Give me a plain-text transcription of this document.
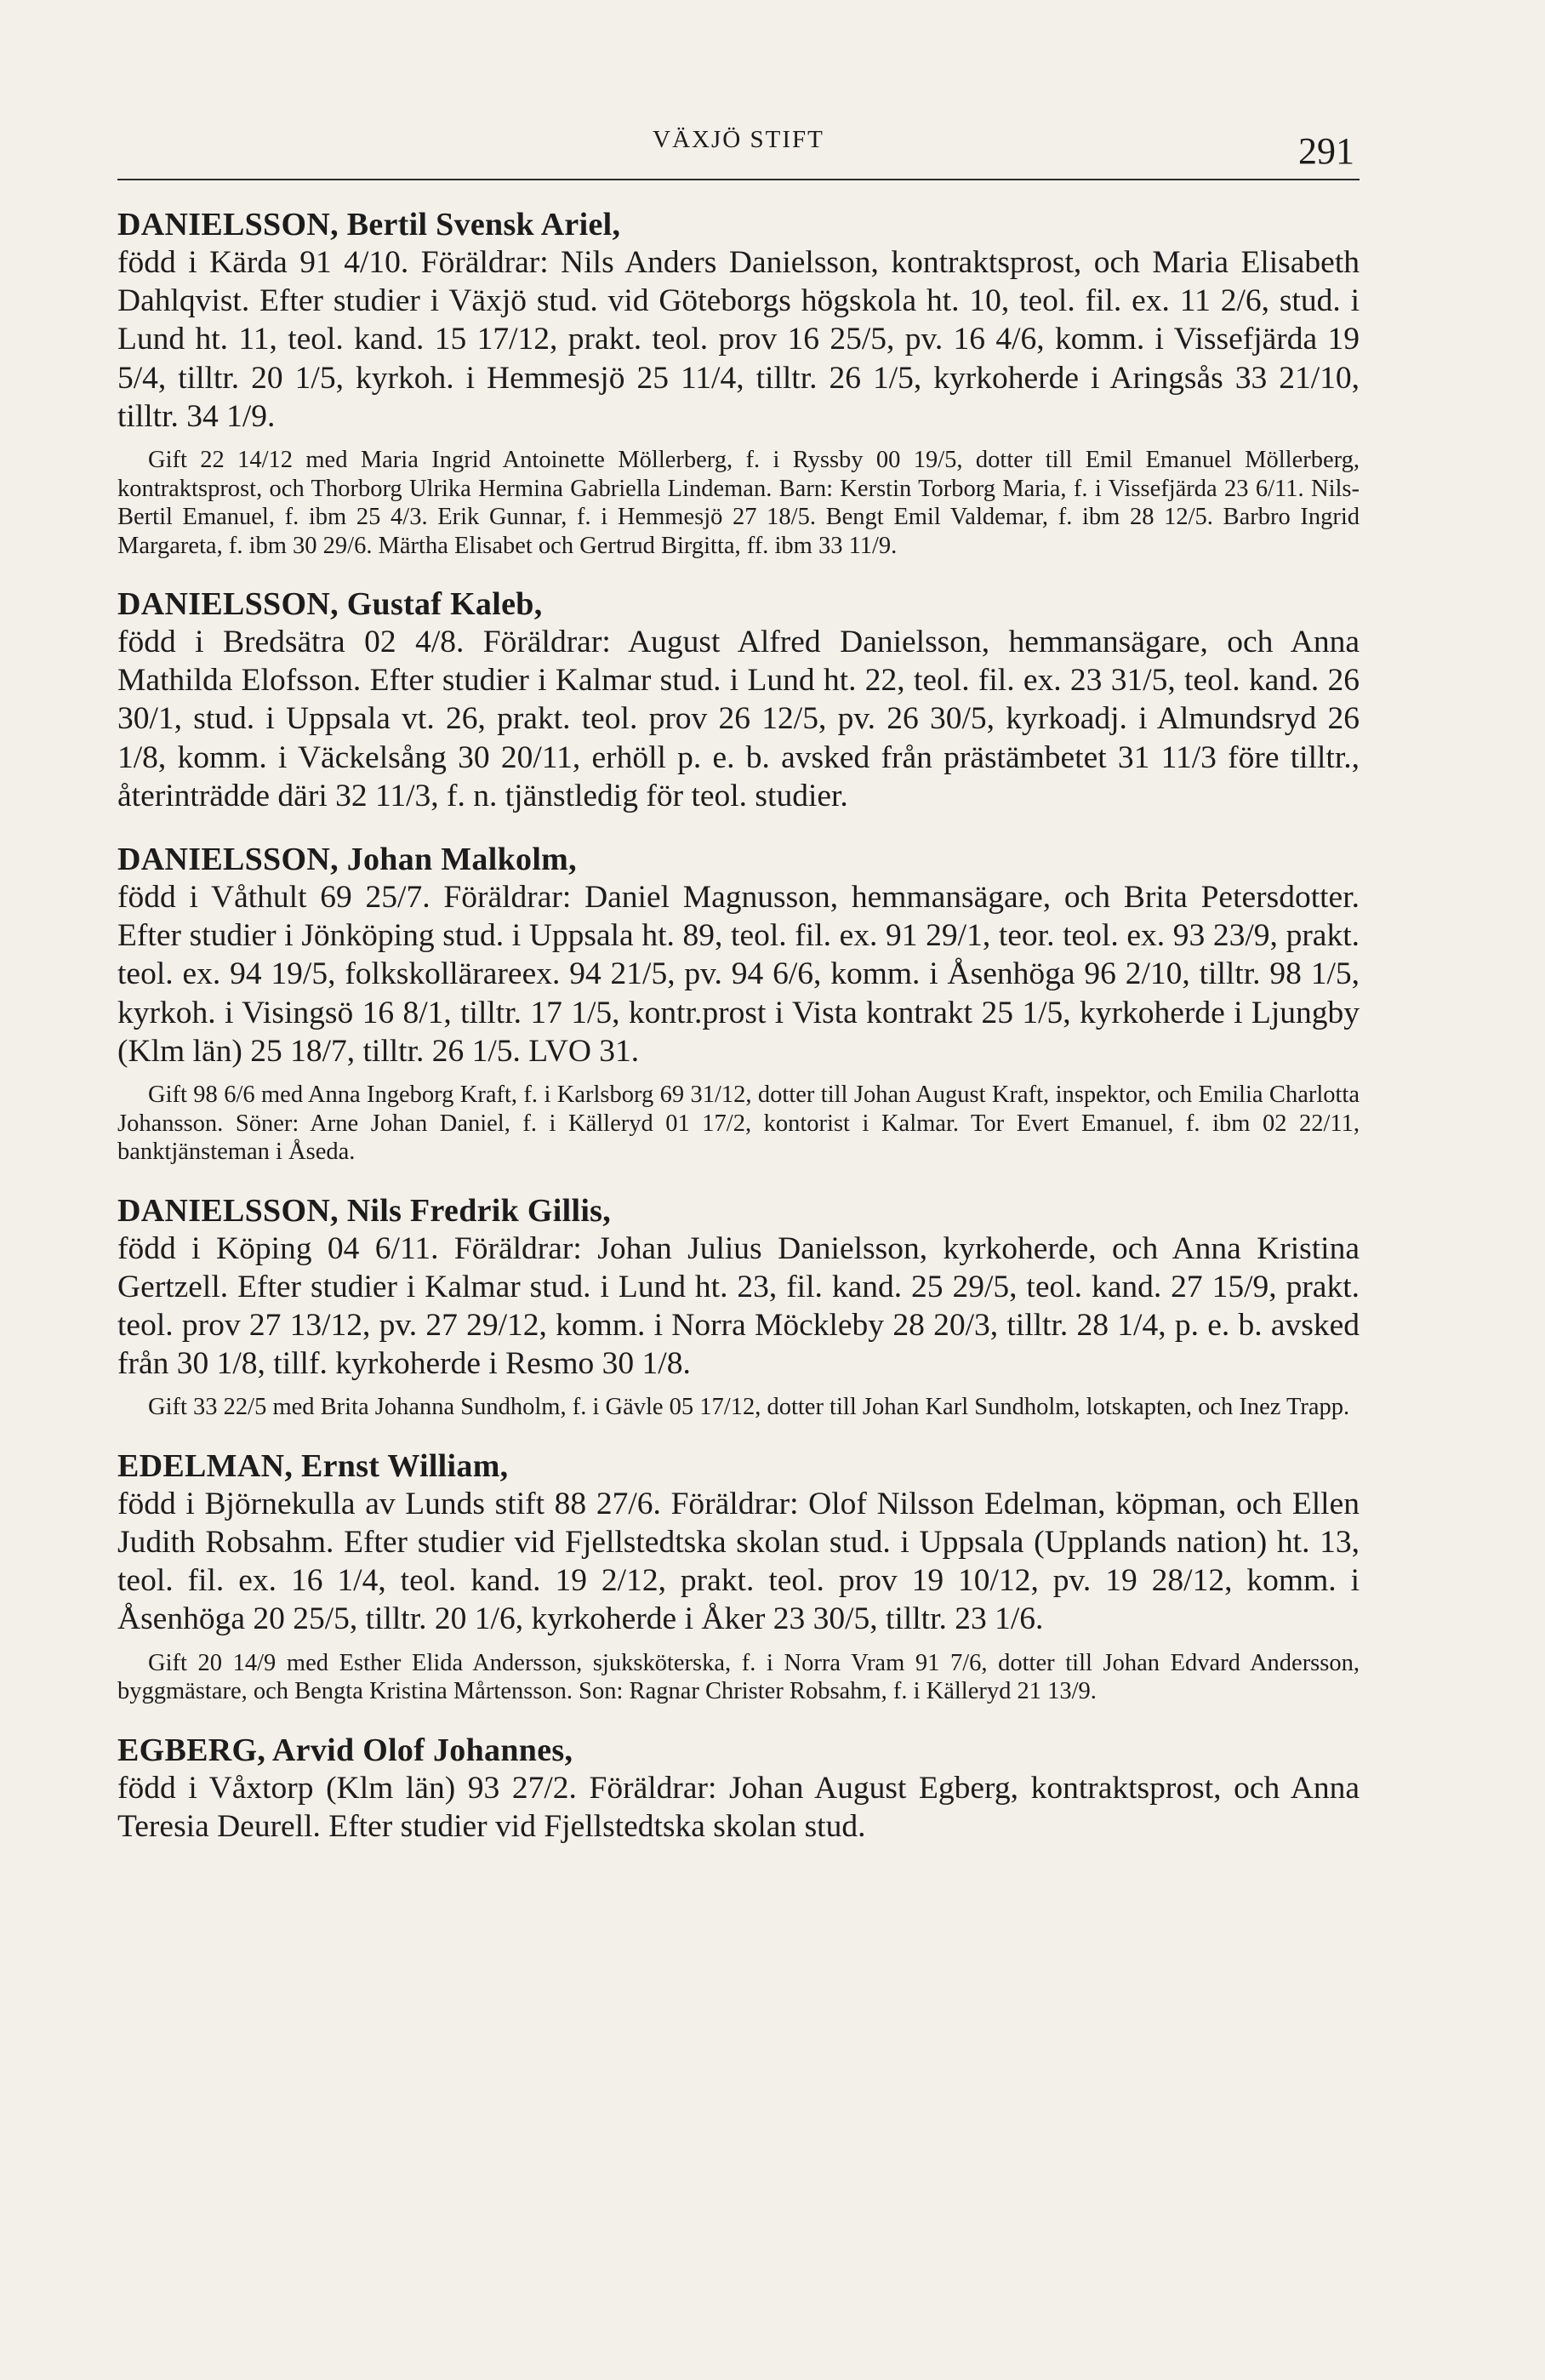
VÄXJÖ STIFT	291
DANIELSSON, Bertil Svensk Ariel,
född i Kärda 91 4/10. Föräldrar: Nils Anders Danielsson, kontraktsprost, och Maria Elisabeth Dahlqvist. Efter studier i Växjö stud. vid Göteborgs högskola ht. 10, teol. fil. ex. 11 2/6, stud. i Lund ht. 11, teol. kand. 15 17/12, prakt. teol. prov 16 25/5, pv. 16 4/6, komm. i Vissefjärda 19 5/4, tilltr. 20 1/5, kyrkoh. i Hemmesjö 25 11/4, tilltr. 26 1/5, kyrkoherde i Aringsås 33 21/10, tilltr. 34 1/9.
Gift 22 14/12 med Maria Ingrid Antoinette Möllerberg, f. i Ryssby 00 19/5, dotter till Emil Emanuel Möllerberg, kontraktsprost, och Thorborg Ulrika Hermina Gabriella Lindeman. Barn: Kerstin Torborg Maria, f. i Vissefjärda 23 6/11. Nils-Bertil Emanuel, f. ibm 25 4/3. Erik Gunnar, f. i Hemmesjö 27 18/5. Bengt Emil Valdemar, f. ibm 28 12/5. Barbro Ingrid Margareta, f. ibm 30 29/6. Märtha Elisabet och Gertrud Birgitta, ff. ibm 33 11/9.
DANIELSSON, Gustaf Kaleb,
född i Bredsätra 02 4/8. Föräldrar: August Alfred Danielsson, hemmansägare, och Anna Mathilda Elofsson. Efter studier i Kalmar stud. i Lund ht. 22, teol. fil. ex. 23 31/5, teol. kand. 26 30/1, stud. i Uppsala vt. 26, prakt. teol. prov 26 12/5, pv. 26 30/5, kyrkoadj. i Almundsryd 26 1/8, komm. i Väckelsång 30 20/11, erhöll p. e. b. avsked från prästämbetet 31 11/3 före tilltr., återinträdde däri 32 11/3, f. n. tjänstledig för teol. studier.
DANIELSSON, Johan Malkolm,
född i Våthult 69 25/7. Föräldrar: Daniel Magnusson, hemmansägare, och Brita Petersdotter. Efter studier i Jönköping stud. i Uppsala ht. 89, teol. fil. ex. 91 29/1, teor. teol. ex. 93 23/9, prakt. teol. ex. 94 19/5, folkskollärareex. 94 21/5, pv. 94 6/6, komm. i Åsenhöga 96 2/10, tilltr. 98 1/5, kyrkoh. i Visingsö 16 8/1, tilltr. 17 1/5, kontr.prost i Vista kontrakt 25 1/5, kyrkoherde i Ljungby (Klm län) 25 18/7, tilltr. 26 1/5. LVO 31.
Gift 98 6/6 med Anna Ingeborg Kraft, f. i Karlsborg 69 31/12, dotter till Johan August Kraft, inspektor, och Emilia Charlotta Johansson. Söner: Arne Johan Daniel, f. i Källeryd 01 17/2, kontorist i Kalmar. Tor Evert Emanuel, f. ibm 02 22/11, banktjänsteman i Åseda.
DANIELSSON, Nils Fredrik Gillis,
född i Köping 04 6/11. Föräldrar: Johan Julius Danielsson, kyrkoherde, och Anna Kristina Gertzell. Efter studier i Kalmar stud. i Lund ht. 23, fil. kand. 25 29/5, teol. kand. 27 15/9, prakt. teol. prov 27 13/12, pv. 27 29/12, komm. i Norra Möckleby 28 20/3, tilltr. 28 1/4, p. e. b. avsked från 30 1/8, tillf. kyrkoherde i Resmo 30 1/8.
Gift 33 22/5 med Brita Johanna Sundholm, f. i Gävle 05 17/12, dotter till Johan Karl Sundholm, lotskapten, och Inez Trapp.
EDELMAN, Ernst William,
född i Björnekulla av Lunds stift 88 27/6. Föräldrar: Olof Nilsson Edelman, köpman, och Ellen Judith Robsahm. Efter studier vid Fjellstedtska skolan stud. i Uppsala (Upplands nation) ht. 13, teol. fil. ex. 16 1/4, teol. kand. 19 2/12, prakt. teol. prov 19 10/12, pv. 19 28/12, komm. i Åsenhöga 20 25/5, tilltr. 20 1/6, kyrkoherde i Åker 23 30/5, tilltr. 23 1/6.
Gift 20 14/9 med Esther Elida Andersson, sjuksköterska, f. i Norra Vram 91 7/6, dotter till Johan Edvard Andersson, byggmästare, och Bengta Kristina Mårtensson. Son: Ragnar Christer Robsahm, f. i Källeryd 21 13/9.
EGBERG, Arvid Olof Johannes,
född i Våxtorp (Klm län) 93 27/2. Föräldrar: Johan August Egberg, kontraktsprost, och Anna Teresia Deurell. Efter studier vid Fjellstedtska skolan stud.
